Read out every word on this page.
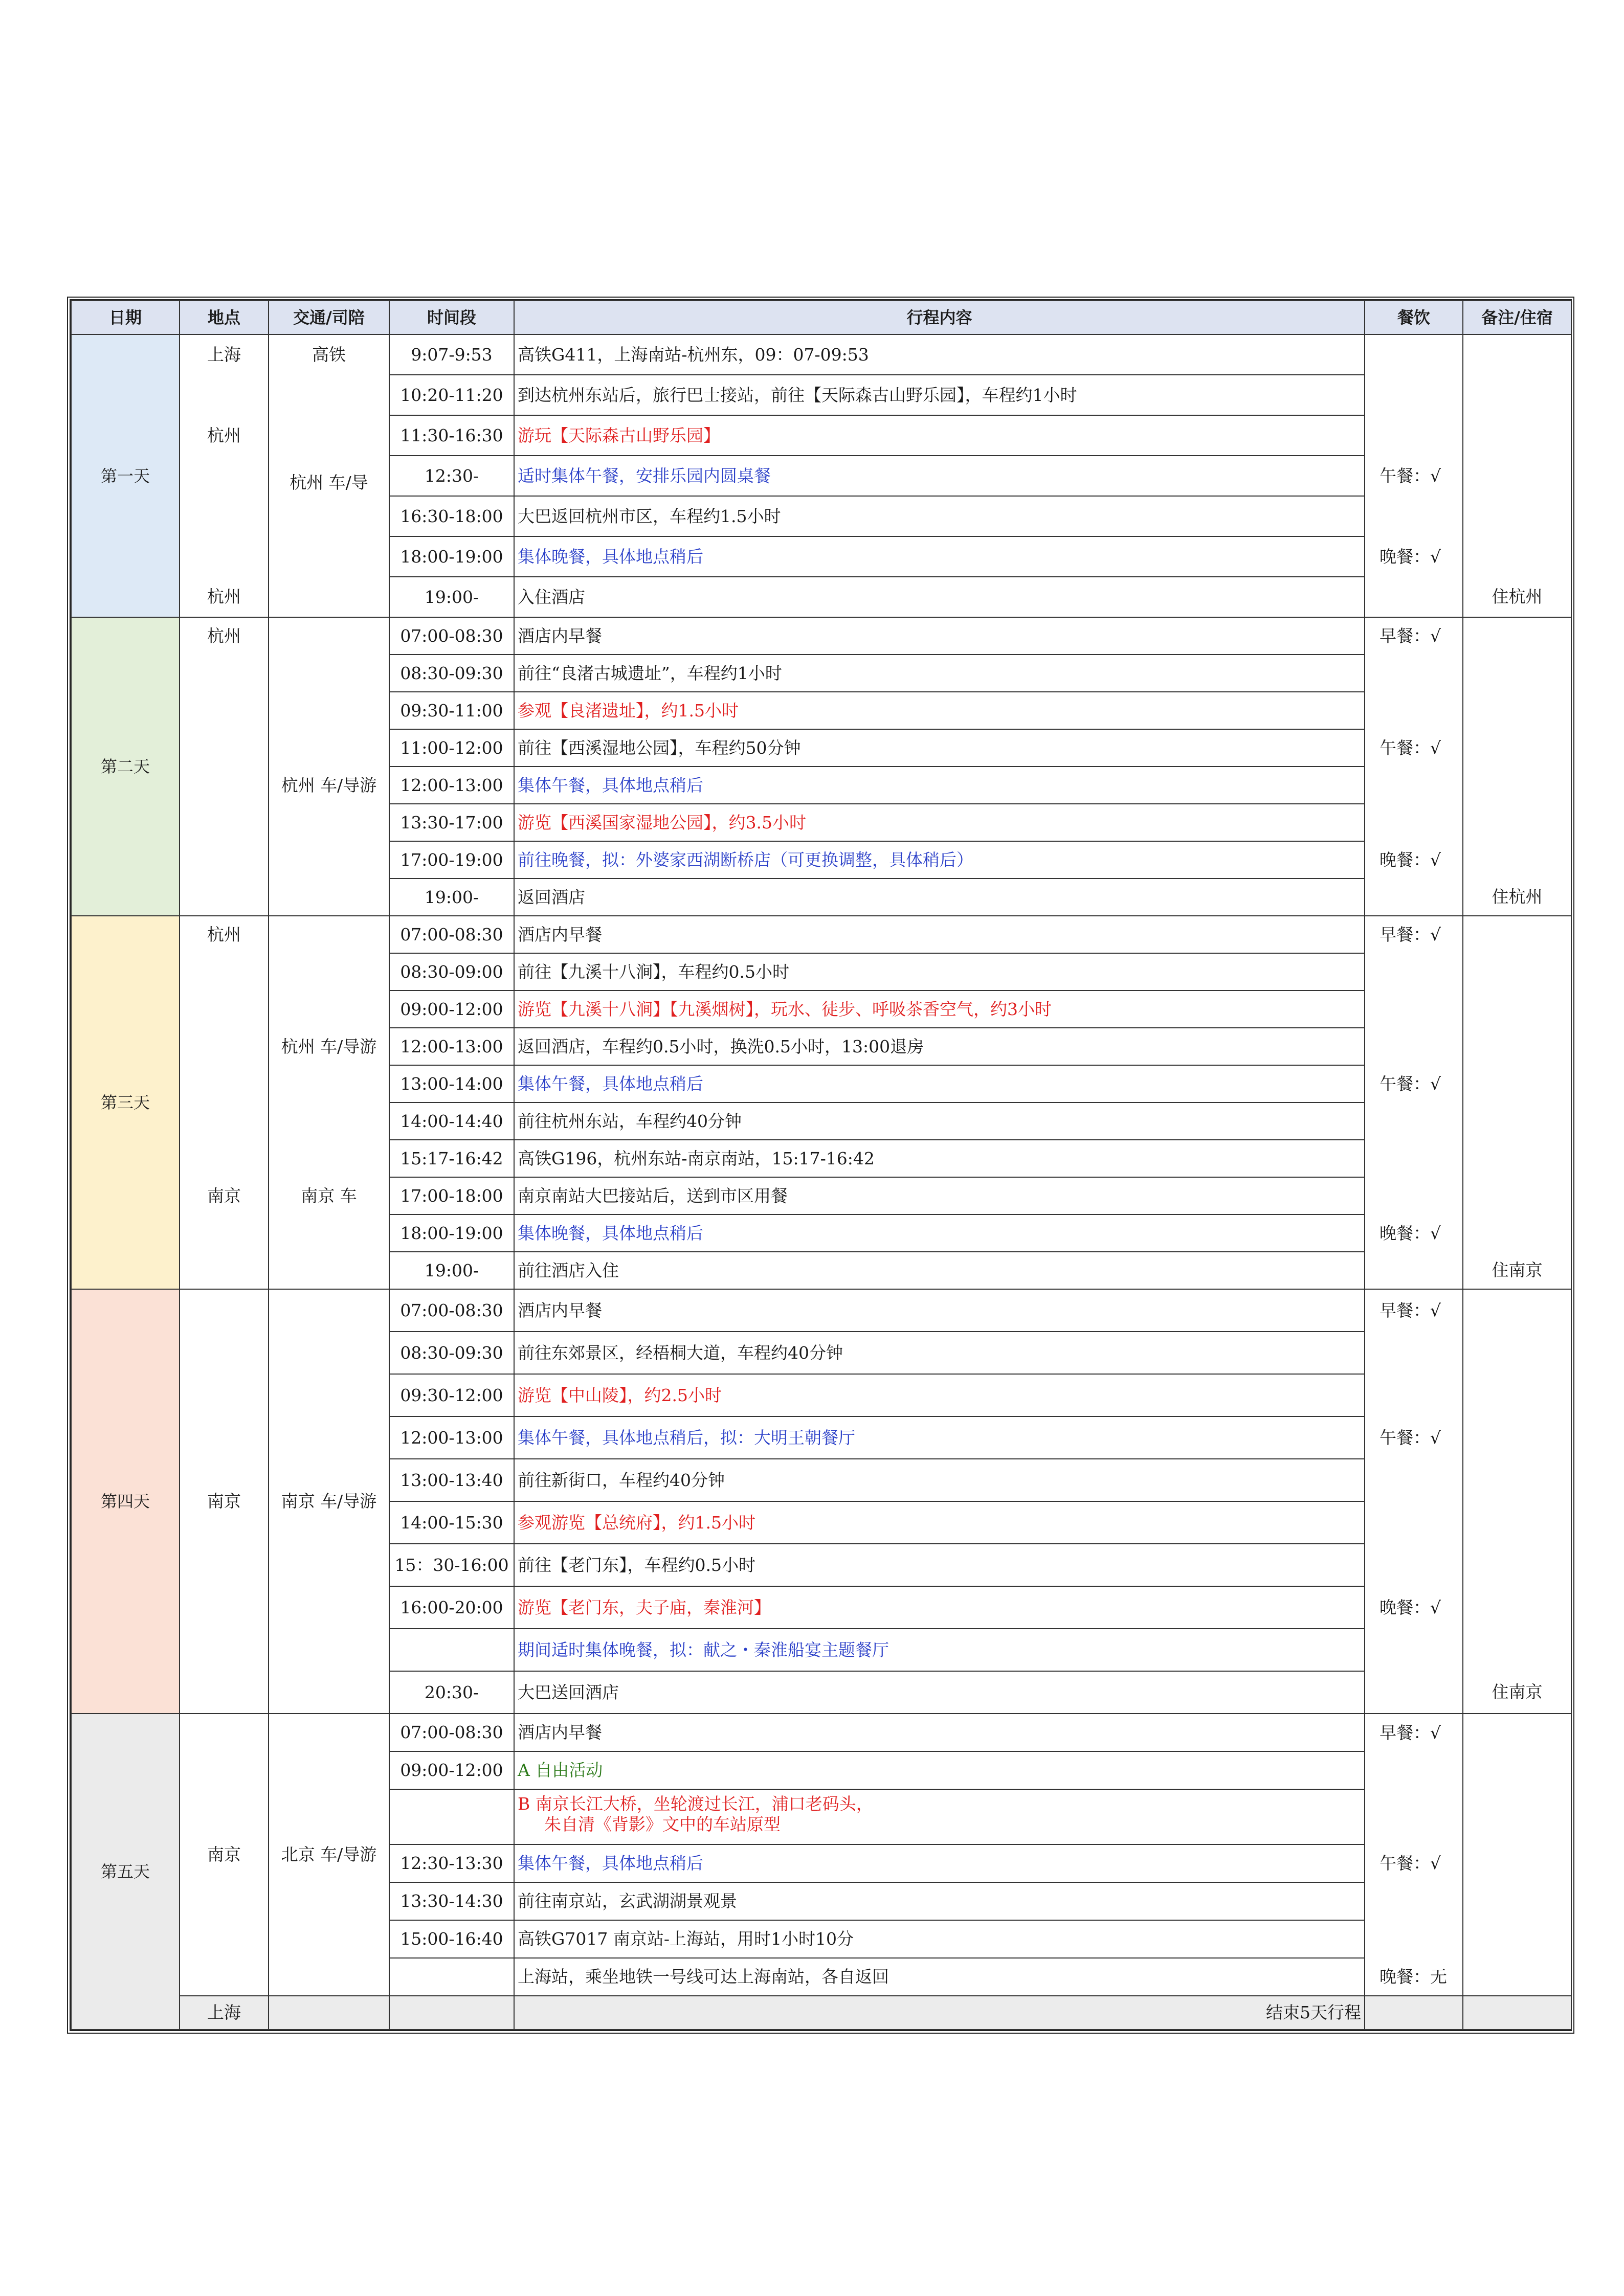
日期	地点	交通/司陪	时间段	行程内容	餐饮	备注/住宿
第一天	上海	高铁	9:07-9:53	高铁G411，上海南站-杭州东，09：07-09:53		
			10:20-11:20	到达杭州东站后，旅行巴士接站，前往【天际森古山野乐园】，车程约1小时		
	杭州		11:30-16:30	游玩【天际森古山野乐园】		
		杭州 车/导	12:30-	适时集体午餐，安排乐园内圆桌餐	午餐：√	
			16:30-18:00	大巴返回杭州市区，车程约1.5小时		
			18:00-19:00	集体晚餐，具体地点稍后	晚餐：√	
	杭州		19:00-	入住酒店		住杭州
第二天	杭州		07:00-08:30	酒店内早餐	早餐：√	
			08:30-09:30	前往“良渚古城遗址”，车程约1小时		
			09:30-11:00	参观【良渚遗址】，约1.5小时		
			11:00-12:00	前往【西溪湿地公园】，车程约50分钟	午餐：√	
		杭州 车/导游	12:00-13:00	集体午餐，具体地点稍后		
			13:30-17:00	游览【西溪国家湿地公园】，约3.5小时		
			17:00-19:00	前往晚餐，拟：外婆家西湖断桥店（可更换调整，具体稍后）	晚餐：√	
			19:00-	返回酒店		住杭州
第三天	杭州		07:00-08:30	酒店内早餐	早餐：√	
			08:30-09:00	前往【九溪十八涧】，车程约0.5小时		
			09:00-12:00	游览【九溪十八涧】【九溪烟树】，玩水、徒步、呼吸茶香空气，约3小时		
		杭州 车/导游	12:00-13:00	返回酒店，车程约0.5小时，换洗0.5小时，13:00退房		
			13:00-14:00	集体午餐，具体地点稍后	午餐：√	
			14:00-14:40	前往杭州东站，车程约40分钟		
			15:17-16:42	高铁G196，杭州东站-南京南站，15:17-16:42		
	南京	南京 车	17:00-18:00	南京南站大巴接站后，送到市区用餐		
			18:00-19:00	集体晚餐，具体地点稍后	晚餐：√	
			19:00-	前往酒店入住		住南京
第四天	南京	南京 车/导游	07:00-08:30	酒店内早餐	早餐：√	
			08:30-09:30	前往东郊景区，经梧桐大道，车程约40分钟		
			09:30-12:00	游览【中山陵】，约2.5小时		
			12:00-13:00	集体午餐，具体地点稍后，拟：大明王朝餐厅	午餐：√	
			13:00-13:40	前往新街口，车程约40分钟		
			14:00-15:30	参观游览【总统府】，约1.5小时		
			15：30-16:00	前往【老门东】，车程约0.5小时		
			16:00-20:00	游览【老门东，夫子庙，秦淮河】	晚餐：√	
				期间适时集体晚餐，拟：献之・秦淮船宴主题餐厅		
			20:30-	大巴送回酒店		住南京
第五天	南京	北京 车/导游	07:00-08:30	酒店内早餐	早餐：√	
			09:00-12:00	A 自由活动		

				B 南京长江大桥，坐轮渡过长江，浦口老码头，
朱自清《背影》文中的车站原型		

			12:30-13:30	集体午餐，具体地点稍后	午餐：√	
			13:30-14:30	前往南京站，玄武湖湖景观景		
			15:00-16:40	高铁G7017 南京站-上海站，用时1小时10分		
				上海站，乘坐地铁一号线可达上海南站，各自返回	晚餐：无	
	上海			结束5天行程		
